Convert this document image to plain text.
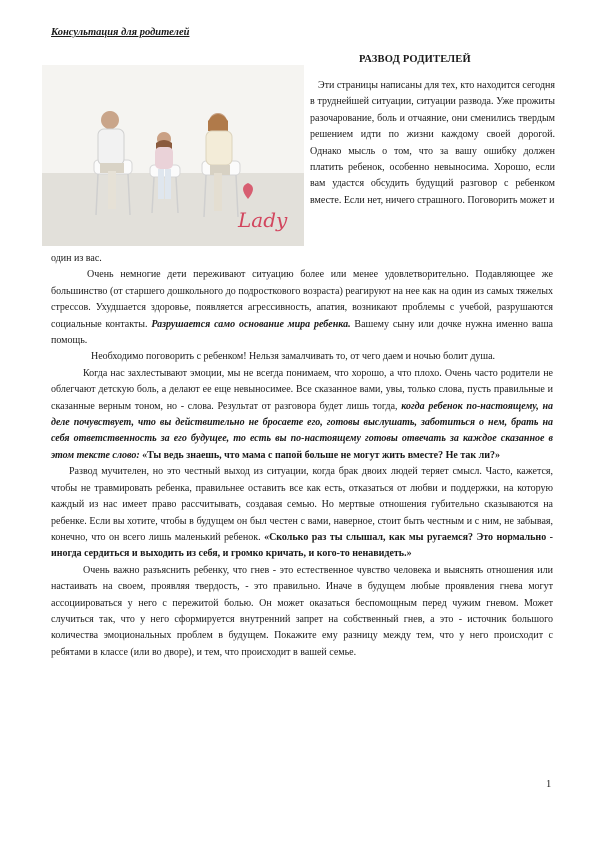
Консультация для родителей
Lady
РАЗВОД РОДИТЕЛЕЙ

Эти страницы написаны для тех, кто находится сегодня в труднейшей ситуации, ситуации развода. Уже прожиты разочарование, боль и отчаяние, они сменились твердым решением идти по жизни каждому своей дорогой. Однако мысль о том, что за вашу ошибку должен платить ребенок, особенно невыносима. Хорошо, если вам удастся обсудить будущий разговор с ребенком вместе. Если нет, ничего страшного. Поговорить может и

один из вас.

Очень немногие дети переживают ситуацию более или менее удовлетворительно. Подавляющее же большинство (от старшего дошкольного до подросткового возраста) реагируют на нее как на один из самых тяжелых стрессов. Ухудшается здоровье, появляется агрессивность, апатия, возникают проблемы с учебой, разрушаются социальные контакты. Разрушается само основание мира ребенка. Вашему сыну или дочке нужна именно ваша помощь.

Необходимо поговорить с ребенком! Нельзя замалчивать то, от чего даем и ночью болит душа.

Когда нас захлестывают эмоции, мы не всегда понимаем, что хорошо, а что плохо. Очень часто родители не облегчают детскую боль, а делают ее еще невыносимее. Все сказанное вами, увы, только слова, пусть правильные и сказанные верным тоном, но - слова. Результат от разговора будет лишь тогда, когда ребенок по-настоящему, на деле почувствует, что вы действительно не бросаете его, готовы выслушать, заботиться о нем, брать на себя ответственность за его будущее, то есть вы по-настоящему готовы отвечать за каждое сказанное в этом тексте слово: «Ты ведь знаешь, что мама с папой больше не могут жить вместе? Не так ли?»

Развод мучителен, но это честный выход из ситуации, когда брак двоих людей теряет смысл. Часто, кажется, чтобы не травмировать ребенка, правильнее оставить все как есть, отказаться от любви и поддержки, на которую каждый из нас имеет право рассчитывать, создавая семью. Но мертвые отношения губительно сказываются на ребенке. Если вы хотите, чтобы в будущем он был честен с вами, наверное, стоит быть честным и с ним, не забывая, конечно, что он всего лишь маленький ребенок. «Сколько раз ты слышал, как мы ругаемся? Это нормально - иногда сердиться и выходить из себя, и громко кричать, и кого-то ненавидеть.»

Очень важно разъяснить ребенку, что гнев - это естественное чувство человека и выяснять отношения или настаивать на своем, проявляя твердость, - это правильно. Иначе в будущем любые проявления гнева могут ассоциироваться у него с пережитой болью. Он может оказаться беспомощным перед чужим гневом. Может случиться так, что у него сформируется внутренний запрет на собственный гнев, а это - источник большого количества эмоциональных проблем в будущем. Покажите ему разницу между тем, что у него происходит с ребятами в классе (или во дворе), и тем, что происходит в вашей семье.

1
